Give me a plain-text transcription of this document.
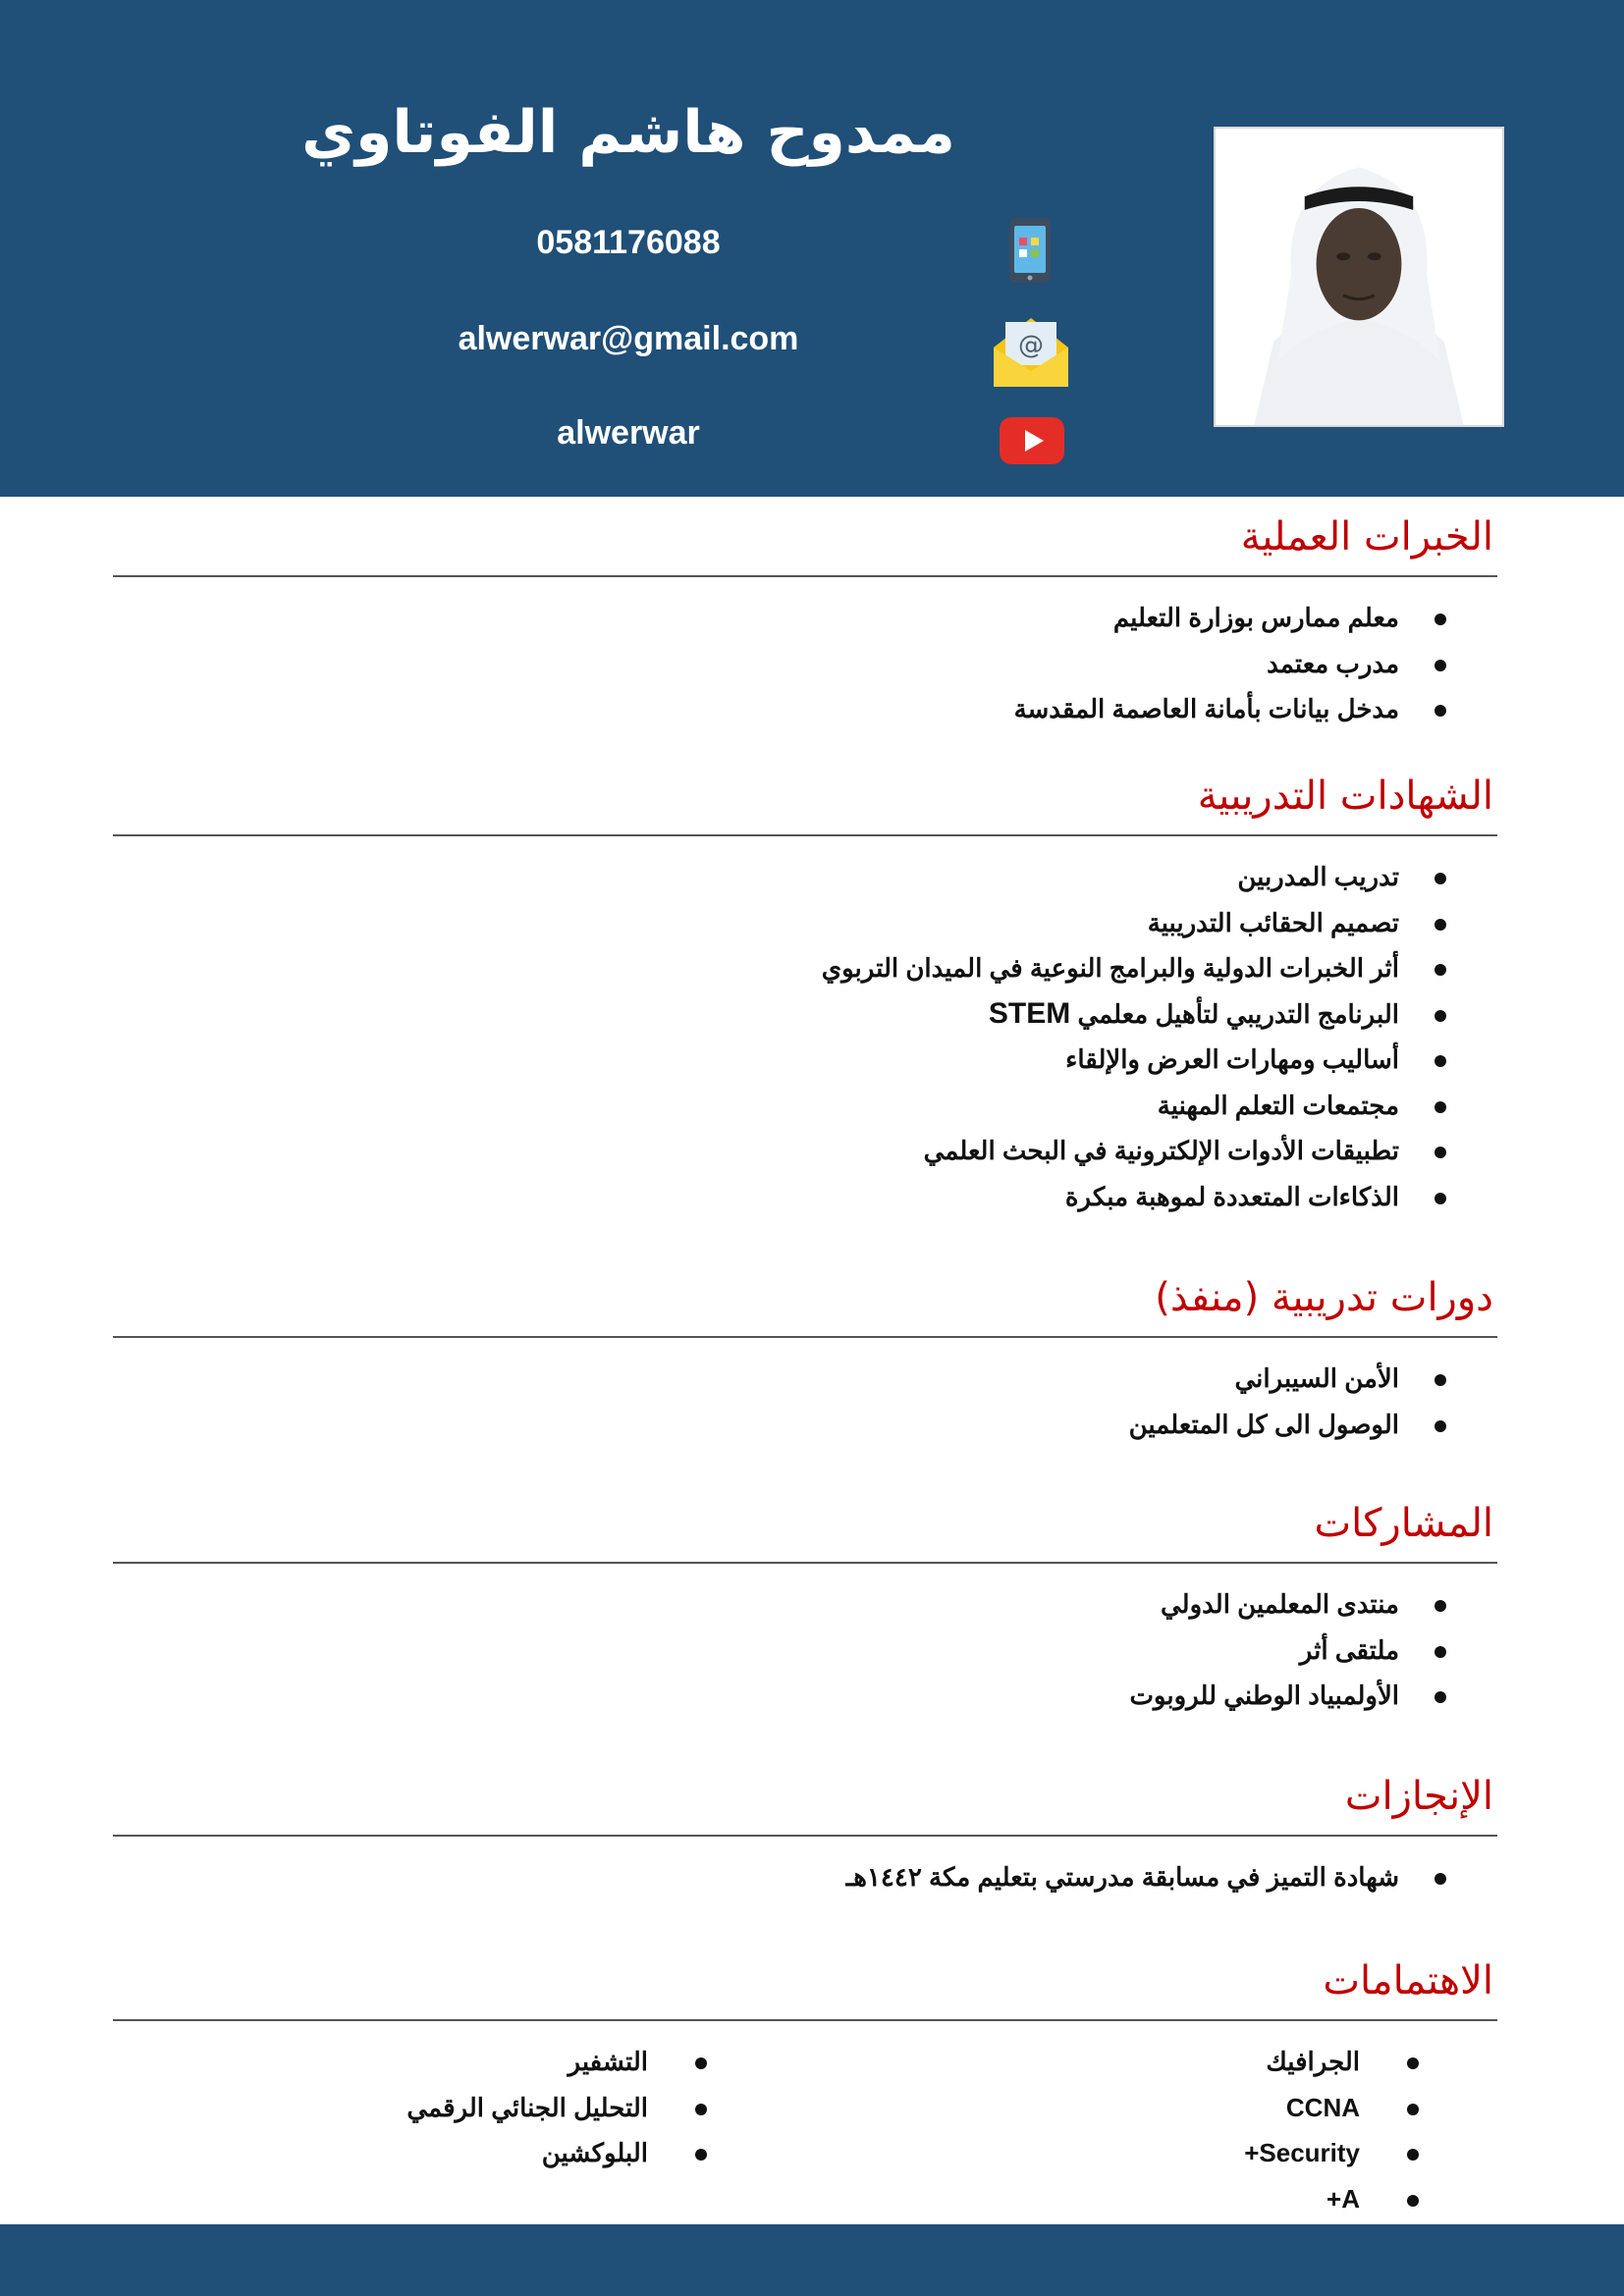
ممدوح هاشم الفوتاوي
0581176088
@
alwerwar@gmail.com
alwerwar
الخبرات العملية
معلم ممارس بوزارة التعليم
مدرب معتمد
مدخل بيانات بأمانة العاصمة المقدسة
الشهادات التدريبية
تدريب المدربين
تصميم الحقائب التدريبية
أثر الخبرات الدولية والبرامج النوعية في الميدان التربوي
البرنامج التدريبي لتأهيل معلمي STEM
أساليب ومهارات العرض والإلقاء
مجتمعات التعلم المهنية
تطبيقات الأدوات الإلكترونية في البحث العلمي
الذكاءات المتعددة لموهبة مبكرة
دورات تدريبية (منفذ)
الأمن السيبراني
الوصول الى كل المتعلمين
المشاركات
منتدى المعلمين الدولي
ملتقى أثر
الأولمبياد الوطني للروبوت
الإنجازات
شهادة التميز في مسابقة مدرستي بتعليم مكة ١٤٤٢هـ
الاهتمامات
الجرافيك
CCNA
Security+
A+
التشفير
التحليل الجنائي الرقمي
البلوكشين
